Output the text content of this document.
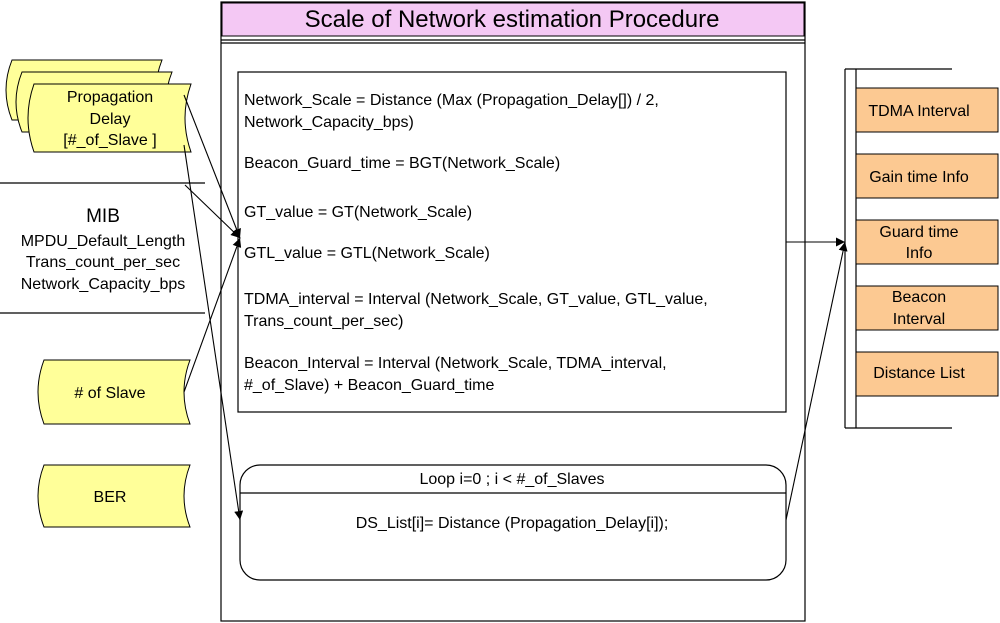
Scale of Network estimation Procedure
Network_Scale = Distance (Max (Propagation_Delay[]) / 2,
Network_Capacity_bps)
Beacon_Guard_time = BGT(Network_Scale)
GT_value = GT(Network_Scale)
GTL_value = GTL(Network_Scale)
TDMA_interval = Interval (Network_Scale, GT_value, GTL_value,
Trans_count_per_sec)
Beacon_Interval = Interval (Network_Scale, TDMA_interval,
#_of_Slave) + Beacon_Guard_time
Loop i=0 ; i < #_of_Slaves
DS_List[i]= Distance (Propagation_Delay[i]);
Propagation
Delay
[#_of_Slave ]
MIB
MPDU_Default_Length
Trans_count_per_sec
Network_Capacity_bps
# of Slave
BER
TDMA Interval
Gain time Info
Guard time
Info
Beacon
Interval
Distance List
